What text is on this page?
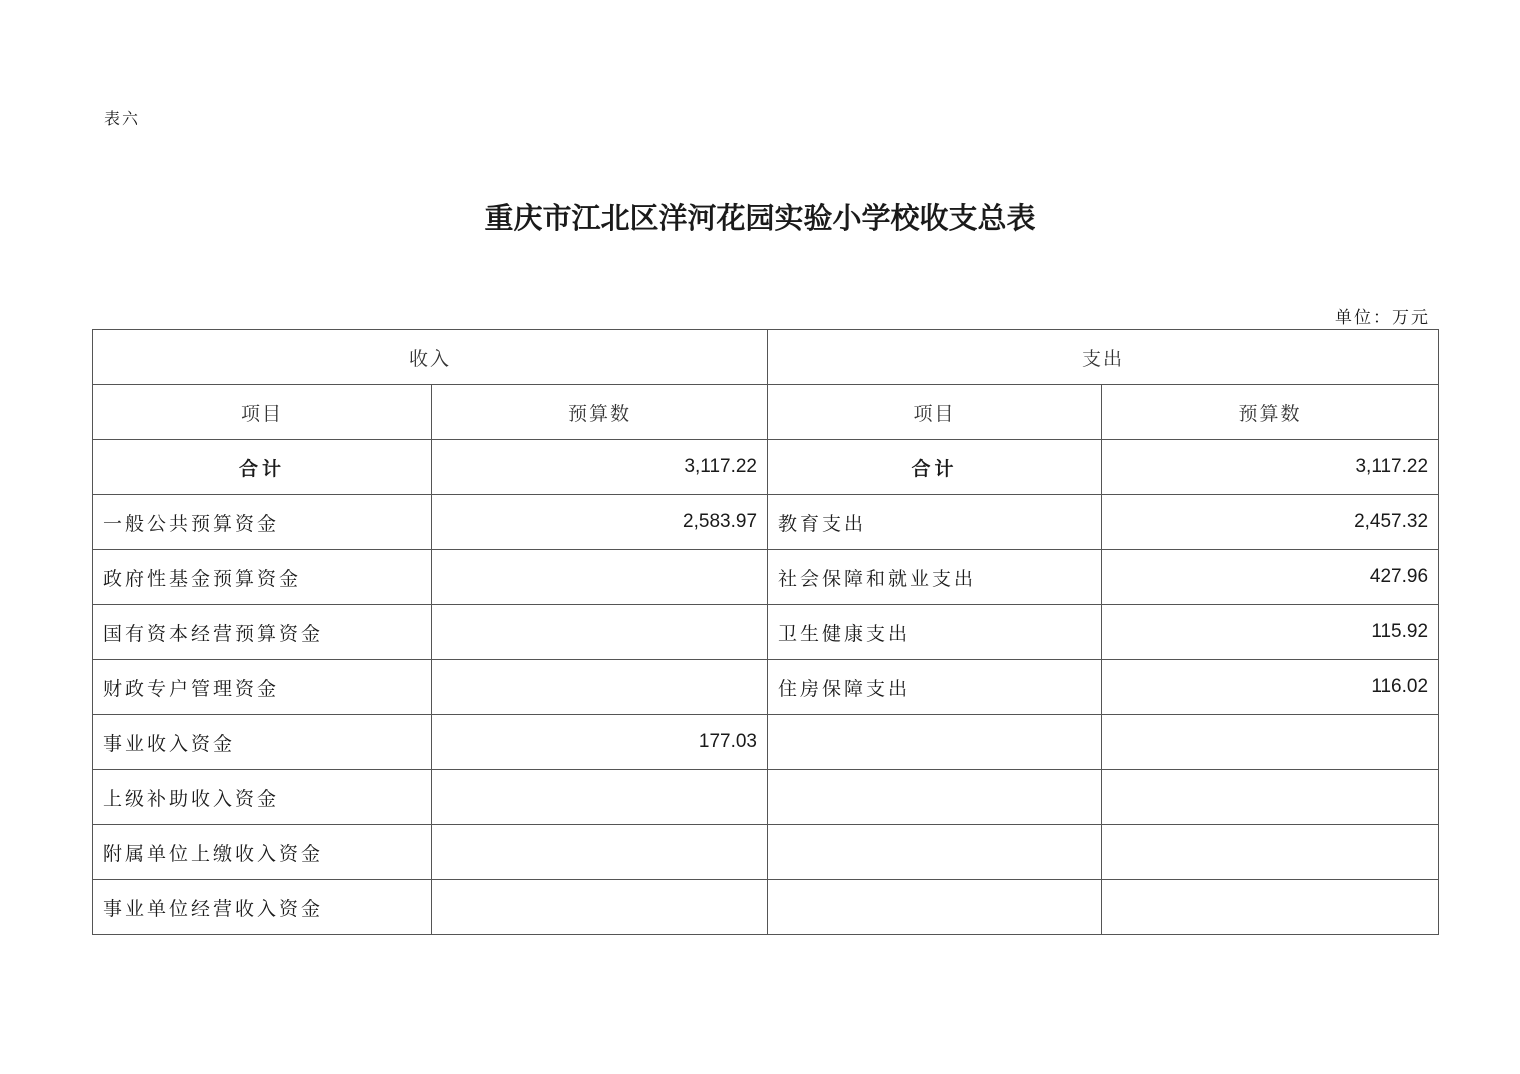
表六
重庆市江北区洋河花园实验小学校收支总表
单位：万元
收入		支出	
项目	预算数	项目	预算数
合计	3,117.22	合计	3,117.22
一般公共预算资金	2,583.97	教育支出	2,457.32
政府性基金预算资金		社会保障和就业支出	427.96
国有资本经营预算资金		卫生健康支出	115.92
财政专户管理资金		住房保障支出	116.02
事业收入资金	177.03		
上级补助收入资金			
附属单位上缴收入资金			
事业单位经营收入资金			
